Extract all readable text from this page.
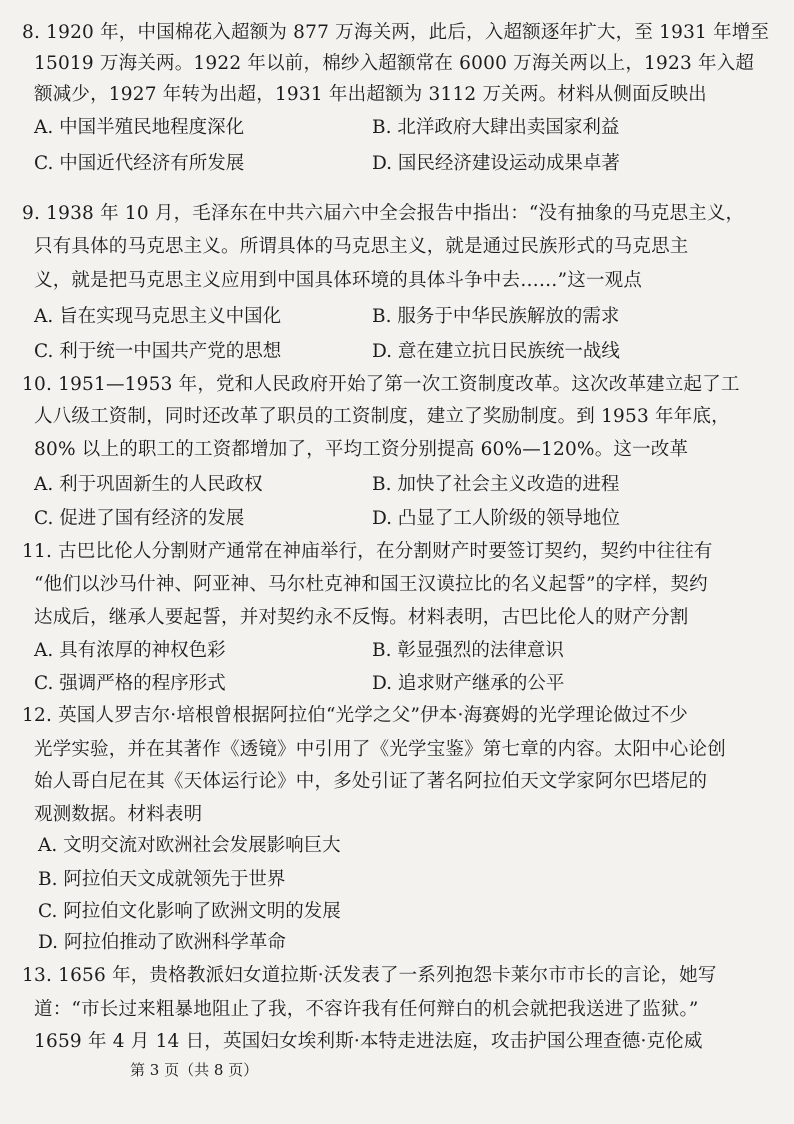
8. 1920 年，中国棉花入超额为 877 万海关两，此后，入超额逐年扩大，至 1931 年增至
15019 万海关两。1922 年以前，棉纱入超额常在 6000 万海关两以上，1923 年入超
额减少，1927 年转为出超，1931 年出超额为 3112 万关两。材料从侧面反映出
A. 中国半殖民地程度深化	B. 北洋政府大肆出卖国家利益
C. 中国近代经济有所发展	D. 国民经济建设运动成果卓著
9. 1938 年 10 月，毛泽东在中共六届六中全会报告中指出：“没有抽象的马克思主义，
只有具体的马克思主义。所谓具体的马克思主义，就是通过民族形式的马克思主
义，就是把马克思主义应用到中国具体环境的具体斗争中去……”这一观点
A. 旨在实现马克思主义中国化	B. 服务于中华民族解放的需求
C. 利于统一中国共产党的思想	D. 意在建立抗日民族统一战线
10. 1951—1953 年，党和人民政府开始了第一次工资制度改革。这次改革建立起了工
人八级工资制，同时还改革了职员的工资制度，建立了奖励制度。到 1953 年年底，
80% 以上的职工的工资都增加了，平均工资分别提高 60%—120%。这一改革
A. 利于巩固新生的人民政权	B. 加快了社会主义改造的进程
C. 促进了国有经济的发展	D. 凸显了工人阶级的领导地位
11. 古巴比伦人分割财产通常在神庙举行，在分割财产时要签订契约，契约中往往有
“他们以沙马什神、阿亚神、马尔杜克神和国王汉谟拉比的名义起誓”的字样，契约
达成后，继承人要起誓，并对契约永不反悔。材料表明，古巴比伦人的财产分割
A. 具有浓厚的神权色彩	B. 彰显强烈的法律意识
C. 强调严格的程序形式	D. 追求财产继承的公平
12. 英国人罗吉尔·培根曾根据阿拉伯“光学之父”伊本·海赛姆的光学理论做过不少
光学实验，并在其著作《透镜》中引用了《光学宝鉴》第七章的内容。太阳中心论创
始人哥白尼在其《天体运行论》中，多处引证了著名阿拉伯天文学家阿尔巴塔尼的
观测数据。材料表明
A. 文明交流对欧洲社会发展影响巨大
B. 阿拉伯天文成就领先于世界
C. 阿拉伯文化影响了欧洲文明的发展
D. 阿拉伯推动了欧洲科学革命
13. 1656 年，贵格教派妇女道拉斯·沃发表了一系列抱怨卡莱尔市市长的言论，她写
道：“市长过来粗暴地阻止了我，不容许我有任何辩白的机会就把我送进了监狱。”
1659 年 4 月 14 日，英国妇女埃利斯·本特走进法庭，攻击护国公理查德·克伦威
第 3 页（共 8 页）
